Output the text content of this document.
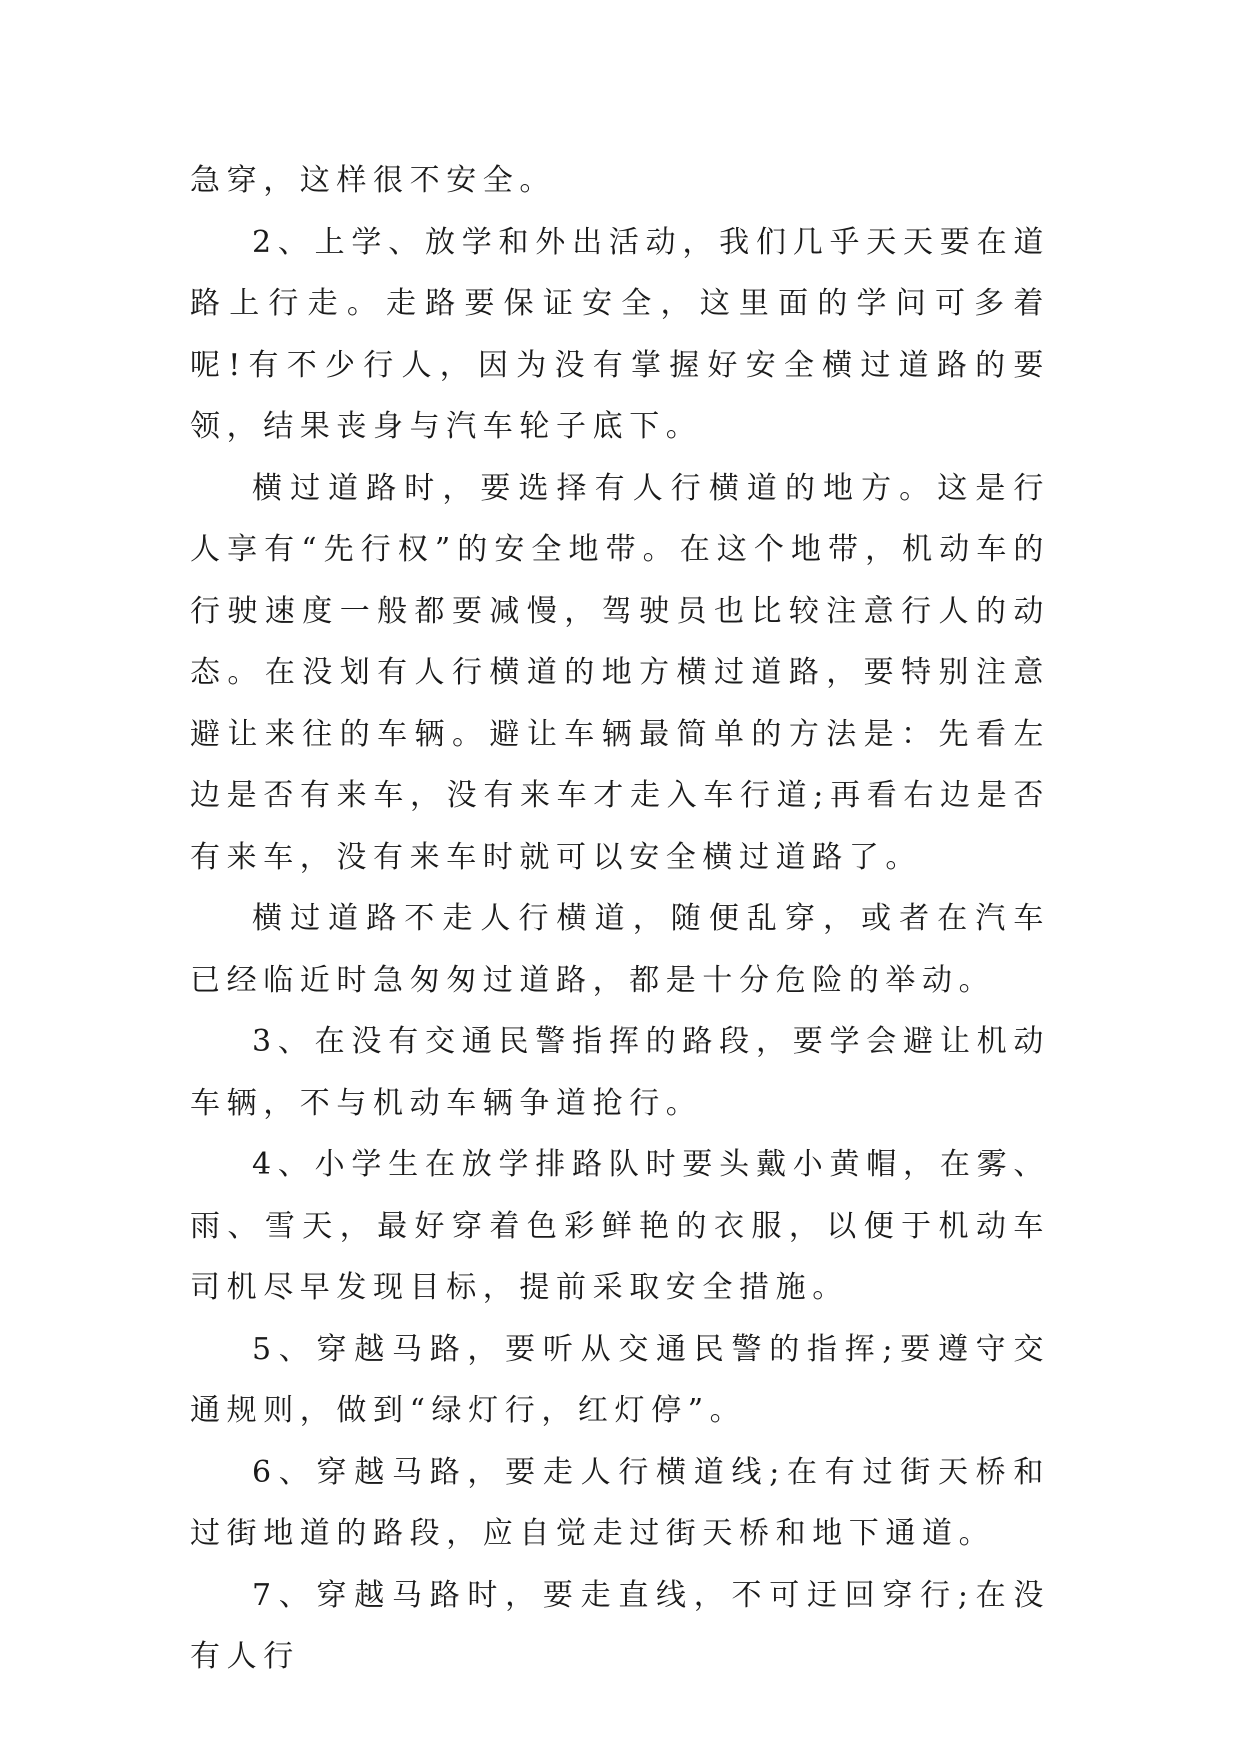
急穿，这样很不安全。

2、上学、放学和外出活动，我们几乎天天要在道路上行走。走路要保证安全，这里面的学问可多着呢!有不少行人，因为没有掌握好安全横过道路的要领，结果丧身与汽车轮子底下。

横过道路时，要选择有人行横道的地方。这是行人享有“先行权”的安全地带。在这个地带，机动车的行驶速度一般都要减慢，驾驶员也比较注意行人的动态。在没划有人行横道的地方横过道路，要特别注意避让来往的车辆。避让车辆最简单的方法是：先看左边是否有来车，没有来车才走入车行道;再看右边是否有来车，没有来车时就可以安全横过道路了。

横过道路不走人行横道，随便乱穿，或者在汽车已经临近时急匆匆过道路，都是十分危险的举动。

3、在没有交通民警指挥的路段，要学会避让机动车辆，不与机动车辆争道抢行。

4、小学生在放学排路队时要头戴小黄帽，在雾、雨、雪天，最好穿着色彩鲜艳的衣服，以便于机动车司机尽早发现目标，提前采取安全措施。

5、穿越马路，要听从交通民警的指挥;要遵守交通规则，做到“绿灯行，红灯停”。

6、穿越马路，要走人行横道线;在有过街天桥和过街地道的路段，应自觉走过街天桥和地下通道。

7、穿越马路时，要走直线，不可迂回穿行;在没有人行
